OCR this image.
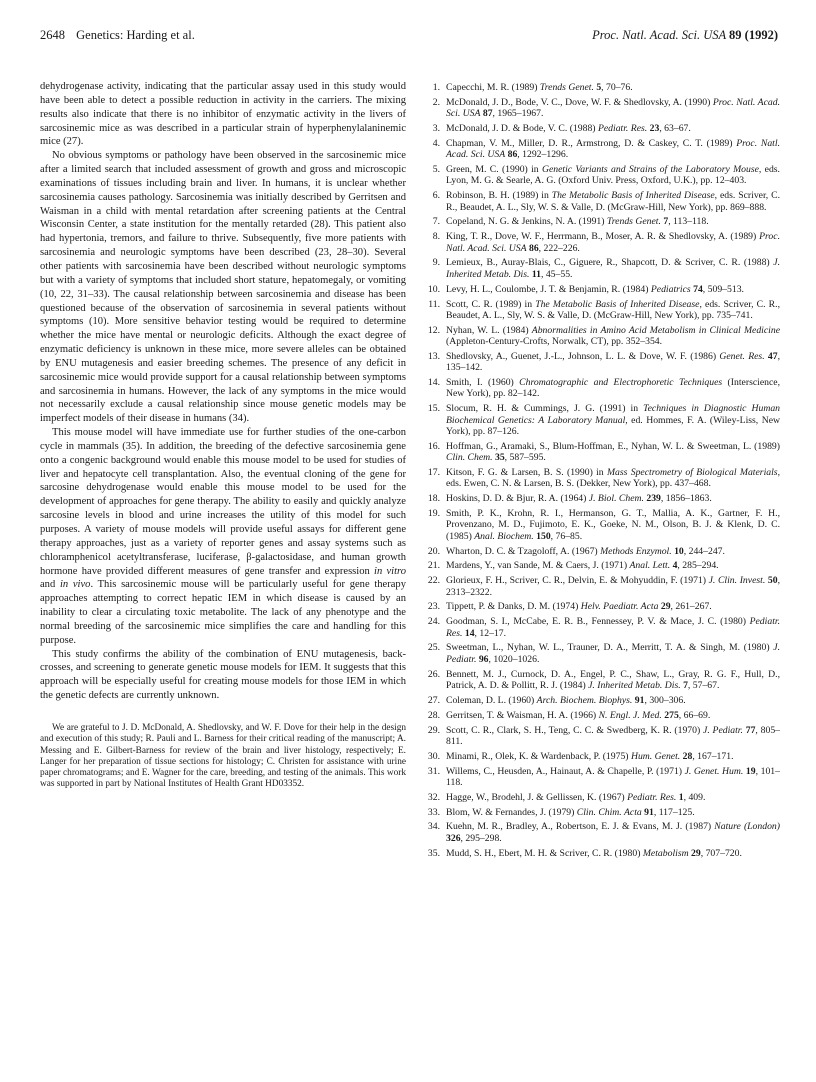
2648 Genetics: Harding et al.	Proc. Natl. Acad. Sci. USA 89 (1992)

dehydrogenase activity, indicating that the particular assay used in this study would have been able to detect a possible reduction in activity in the carriers. The mixing results also indicate that there is no inhibitor of enzymatic activity in the livers of sarcosinemic mice as was described in a particular strain of hyperphenylalaninemic mice (27).

No obvious symptoms or pathology have been observed in the sarcosinemic mice after a limited search that included assessment of growth and gross and microscopic examinations of tissues including brain and liver. In humans, it is unclear whether sarcosinemia causes pathology. Sarcosinemia was initially described by Gerritsen and Waisman in a child with mental retardation after screening patients at the Central Wisconsin Center, a state institution for the mentally retarded (28). This patient also had hypertonia, tremors, and failure to thrive. Subsequently, five more patients with sarcosinemia and neurologic symptoms have been described (23, 28–30). Several other patients with sarcosinemia have been described without neurologic symptoms but with a variety of symptoms that included short stature, hepatomegaly, or vomiting (10, 22, 31–33). The causal relationship between sarcosinemia and disease has been questioned because of the observation of sarcosinemia in several patients without symptoms (10). More sensitive behavior testing would be required to determine whether the mice have mental or neurologic deficits. Although the exact degree of enzymatic deficiency is unknown in these mice, more severe alleles can be obtained by ENU mutagenesis and easier breeding schemes. The presence of any deficit in sarcosinemic mice would provide support for a causal relationship between symptoms and sarcosinemia in humans. However, the lack of any symptoms in the mice would not necessarily exclude a causal relationship since mouse genetic models may be imperfect models of their disease in humans (34).

This mouse model will have immediate use for further studies of the one-carbon cycle in mammals (35). In addition, the breeding of the defective sarcosinemia gene onto a congenic background would enable this mouse model to be used for studies of liver and hepatocyte cell transplantation. Also, the eventual cloning of the gene for sarcosine dehydrogenase would enable this mouse model to be used for the development of approaches for gene therapy. The ability to easily and quickly analyze sarcosine levels in blood and urine increases the utility of this model for such purposes. A variety of mouse models will provide useful assays for different gene therapy approaches, just as a variety of reporter genes and assay systems such as chloramphenicol acetyltransferase, luciferase, β-galactosidase, and human growth hormone have provided different measures of gene transfer and expression in vitro and in vivo. This sarcosinemic mouse will be particularly useful for gene therapy approaches attempting to correct hepatic IEM in which disease is caused by an inability to clear a circulating toxic metabolite. The lack of any phenotype and the normal breeding of the sarcosinemic mice simplifies the care and handling for this purpose.

This study confirms the ability of the combination of ENU mutagenesis, back-crosses, and screening to generate genetic mouse models for IEM. It suggests that this approach will be especially useful for creating mouse models for those IEM in which the genetic defects are currently unknown.

We are grateful to J. D. McDonald, A. Shedlovsky, and W. F. Dove for their help in the design and execution of this study; R. Pauli and L. Barness for their critical reading of the manuscript; A. Messing and E. Gilbert-Barness for review of the brain and liver histology, respectively; E. Langer for her preparation of tissue sections for histology; C. Christen for assistance with urine paper chromatograms; and E. Wagner for the care, breeding, and testing of the animals. This work was supported in part by National Institutes of Health Grant HD03352.
1. Capecchi, M. R. (1989) Trends Genet. 5, 70–76.
2. McDonald, J. D., Bode, V. C., Dove, W. F. & Shedlovsky, A. (1990) Proc. Natl. Acad. Sci. USA 87, 1965–1967.
3. McDonald, J. D. & Bode, V. C. (1988) Pediatr. Res. 23, 63–67.
4. Chapman, V. M., Miller, D. R., Armstrong, D. & Caskey, C. T. (1989) Proc. Natl. Acad. Sci. USA 86, 1292–1296.
5. Green, M. C. (1990) in Genetic Variants and Strains of the Laboratory Mouse, eds. Lyon, M. G. & Searle, A. G. (Oxford Univ. Press, Oxford, U.K.), pp. 12–403.
6. Robinson, B. H. (1989) in The Metabolic Basis of Inherited Disease, eds. Scriver, C. R., Beaudet, A. L., Sly, W. S. & Valle, D. (McGraw-Hill, New York), pp. 869–888.
7. Copeland, N. G. & Jenkins, N. A. (1991) Trends Genet. 7, 113–118.
8. King, T. R., Dove, W. F., Herrmann, B., Moser, A. R. & Shedlovsky, A. (1989) Proc. Natl. Acad. Sci. USA 86, 222–226.
9. Lemieux, B., Auray-Blais, C., Giguere, R., Shapcott, D. & Scriver, C. R. (1988) J. Inherited Metab. Dis. 11, 45–55.
10. Levy, H. L., Coulombe, J. T. & Benjamin, R. (1984) Pediatrics 74, 509–513.
11. Scott, C. R. (1989) in The Metabolic Basis of Inherited Disease, eds. Scriver, C. R., Beaudet, A. L., Sly, W. S. & Valle, D. (McGraw-Hill, New York), pp. 735–741.
12. Nyhan, W. L. (1984) Abnormalities in Amino Acid Metabolism in Clinical Medicine (Appleton-Century-Crofts, Norwalk, CT), pp. 352–354.
13. Shedlovsky, A., Guenet, J.-L., Johnson, L. L. & Dove, W. F. (1986) Genet. Res. 47, 135–142.
14. Smith, I. (1960) Chromatographic and Electrophoretic Techniques (Interscience, New York), pp. 82–142.
15. Slocum, R. H. & Cummings, J. G. (1991) in Techniques in Diagnostic Human Biochemical Genetics: A Laboratory Manual, ed. Hommes, F. A. (Wiley-Liss, New York), pp. 87–126.
16. Hoffman, G., Aramaki, S., Blum-Hoffman, E., Nyhan, W. L. & Sweetman, L. (1989) Clin. Chem. 35, 587–595.
17. Kitson, F. G. & Larsen, B. S. (1990) in Mass Spectrometry of Biological Materials, eds. Ewen, C. N. & Larsen, B. S. (Dekker, New York), pp. 437–468.
18. Hoskins, D. D. & Bjur, R. A. (1964) J. Biol. Chem. 239, 1856–1863.
19. Smith, P. K., Krohn, R. I., Hermanson, G. T., Mallia, A. K., Gartner, F. H., Provenzano, M. D., Fujimoto, E. K., Goeke, N. M., Olson, B. J. & Klenk, D. C. (1985) Anal. Biochem. 150, 76–85.
20. Wharton, D. C. & Tzagoloff, A. (1967) Methods Enzymol. 10, 244–247.
21. Mardens, Y., van Sande, M. & Caers, J. (1971) Anal. Lett. 4, 285–294.
22. Glorieux, F. H., Scriver, C. R., Delvin, E. & Mohyuddin, F. (1971) J. Clin. Invest. 50, 2313–2322.
23. Tippett, P. & Danks, D. M. (1974) Helv. Paediatr. Acta 29, 261–267.
24. Goodman, S. I., McCabe, E. R. B., Fennessey, P. V. & Mace, J. C. (1980) Pediatr. Res. 14, 12–17.
25. Sweetman, L., Nyhan, W. L., Trauner, D. A., Merritt, T. A. & Singh, M. (1980) J. Pediatr. 96, 1020–1026.
26. Bennett, M. J., Curnock, D. A., Engel, P. C., Shaw, L., Gray, R. G. F., Hull, D., Patrick, A. D. & Pollitt, R. J. (1984) J. Inherited Metab. Dis. 7, 57–67.
27. Coleman, D. L. (1960) Arch. Biochem. Biophys. 91, 300–306.
28. Gerritsen, T. & Waisman, H. A. (1966) N. Engl. J. Med. 275, 66–69.
29. Scott, C. R., Clark, S. H., Teng, C. C. & Swedberg, K. R. (1970) J. Pediatr. 77, 805–811.
30. Minami, R., Olek, K. & Wardenback, P. (1975) Hum. Genet. 28, 167–171.
31. Willems, C., Heusden, A., Hainaut, A. & Chapelle, P. (1971) J. Genet. Hum. 19, 101–118.
32. Hagge, W., Brodehl, J. & Gellissen, K. (1967) Pediatr. Res. 1, 409.
33. Blom, W. & Fernandes, J. (1979) Clin. Chim. Acta 91, 117–125.
34. Kuehn, M. R., Bradley, A., Robertson, E. J. & Evans, M. J. (1987) Nature (London) 326, 295–298.
35. Mudd, S. H., Ebert, M. H. & Scriver, C. R. (1980) Metabolism 29, 707–720.
